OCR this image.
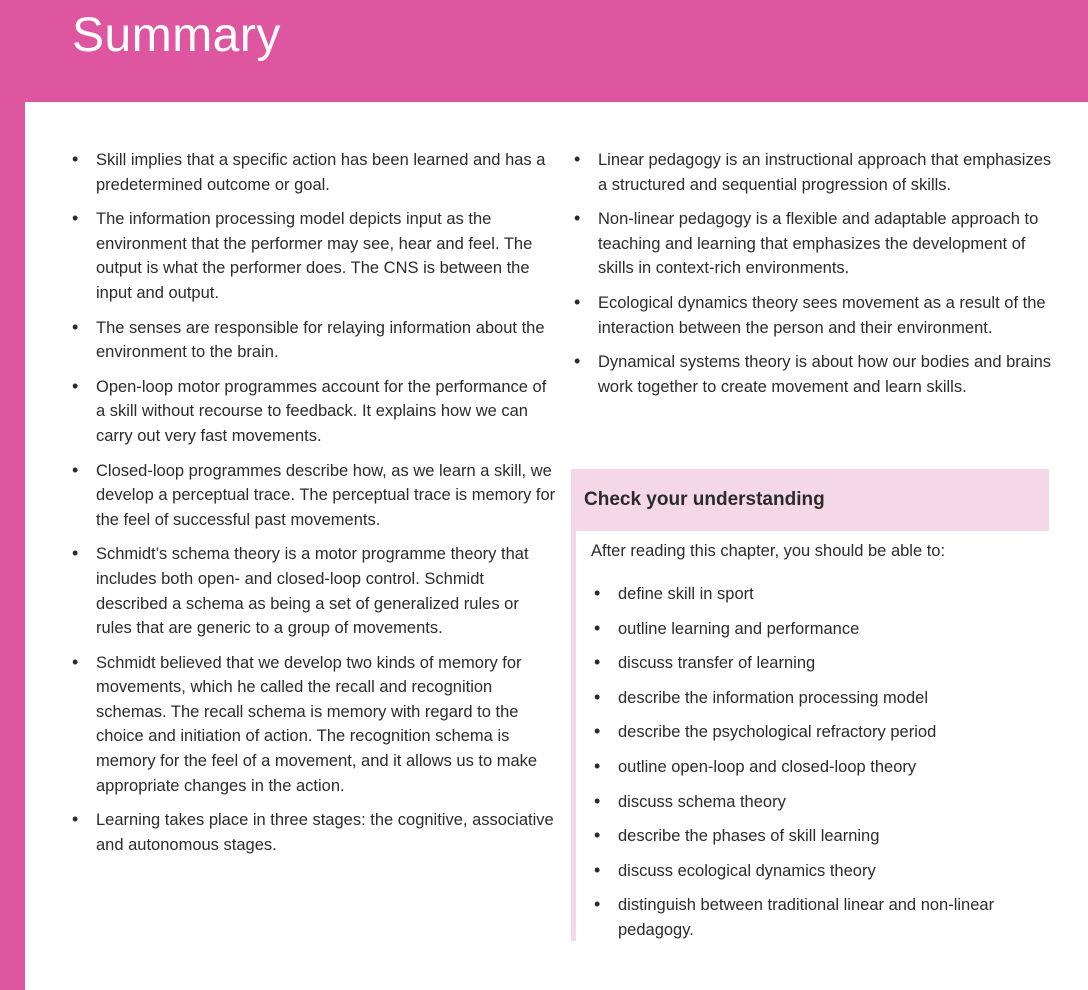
Summary
• Skill implies that a specific action has been learned and has a predetermined outcome or goal.
• The information processing model depicts input as the environment that the performer may see, hear and feel. The output is what the performer does. The CNS is between the input and output.
• The senses are responsible for relaying information about the environment to the brain.
• Open-loop motor programmes account for the performance of a skill without recourse to feedback. It explains how we can carry out very fast movements.
• Closed-loop programmes describe how, as we learn a skill, we develop a perceptual trace. The perceptual trace is memory for the feel of successful past movements.
• Schmidt’s schema theory is a motor programme theory that includes both open- and closed-loop control. Schmidt described a schema as being a set of generalized rules or rules that are generic to a group of movements.
• Schmidt believed that we develop two kinds of memory for movements, which he called the recall and recognition schemas. The recall schema is memory with regard to the choice and initiation of action. The recognition schema is memory for the feel of a movement, and it allows us to make appropriate changes in the action.
• Learning takes place in three stages: the cognitive, associative and autonomous stages.
• Linear pedagogy is an instructional approach that emphasizes a structured and sequential progression of skills.
• Non-linear pedagogy is a flexible and adaptable approach to teaching and learning that emphasizes the development of skills in context-rich environments.
• Ecological dynamics theory sees movement as a result of the interaction between the person and their environment.
• Dynamical systems theory is about how our bodies and brains work together to create movement and learn skills.
Check your understanding

After reading this chapter, you should be able to:

• define skill in sport
• outline learning and performance
• discuss transfer of learning
• describe the information processing model
• describe the psychological refractory period
• outline open-loop and closed-loop theory
• discuss schema theory
• describe the phases of skill learning
• discuss ecological dynamics theory
• distinguish between traditional linear and non-linear pedagogy.
